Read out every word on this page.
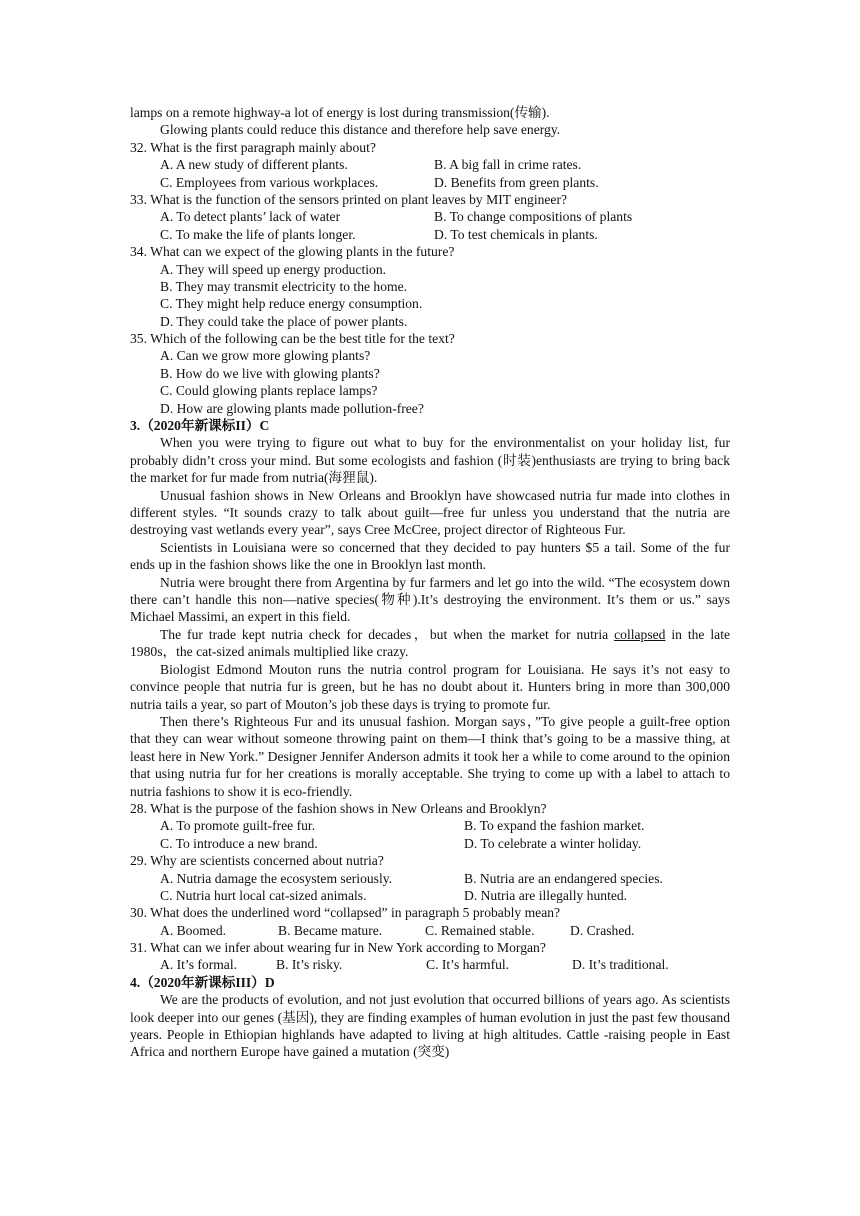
lamps on a remote highway-a lot of energy is lost during transmission(传输).
Glowing plants could reduce this distance and therefore help save energy.
32. What is the first paragraph mainly about?
A. A new study of different plants.	B. A big fall in crime rates.
C. Employees from various workplaces.	D. Benefits from green plants.
33. What is the function of the sensors printed on plant leaves by MIT engineer?
A. To detect plants’ lack of water	B. To change compositions of plants
C. To make the life of plants longer.	D. To test chemicals in plants.
34. What can we expect of the glowing plants in the future?
A. They will speed up energy production.
B. They may transmit electricity to the home.
C. They might help reduce energy consumption.
D. They could take the place of power plants.
35. Which of the following can be the best title for the text?
A. Can we grow more glowing plants?
B. How do we live with glowing plants?
C. Could glowing plants replace lamps?
D. How are glowing plants made pollution-free?
3.（2020年新课标II）C

When you were trying to figure out what to buy for the environmentalist on your holiday list, fur probably didn’t cross your mind. But some ecologists and fashion (时装)enthusiasts are trying to bring back the market for fur made from nutria(海狸鼠).

Unusual fashion shows in New Orleans and Brooklyn have showcased nutria fur made into clothes in different styles. “It sounds crazy to talk about guilt—free fur unless you understand that the nutria are destroying vast wetlands every year”, says Cree McCree, project director of Righteous Fur.

Scientists in Louisiana were so concerned that they decided to pay hunters $5 a tail. Some of the fur ends up in the fashion shows like the one in Brooklyn last month.

Nutria were brought there from Argentina by fur farmers and let go into the wild. “The ecosystem down there can’t handle this non—native species(物种).It’s destroying the environment. It’s them or us.” says Michael Massimi, an expert in this field.

The fur trade kept nutria check for decades，but when the market for nutria collapsed in the late 1980s，the cat-sized animals multiplied like crazy.

Biologist Edmond Mouton runs the nutria control program for Louisiana. He says it’s not easy to convince people that nutria fur is green, but he has no doubt about it. Hunters bring in more than 300,000 nutria tails a year, so part of Mouton’s job these days is trying to promote fur.

Then there’s Righteous Fur and its unusual fashion. Morgan says，”To give people a guilt-free option that they can wear without someone throwing paint on them—I think that’s going to be a massive thing, at least here in New York.” Designer Jennifer Anderson admits it took her a while to come around to the opinion that using nutria fur for her creations is morally acceptable. She trying to come up with a label to attach to nutria fashions to show it is eco-friendly.

28. What is the purpose of the fashion shows in New Orleans and Brooklyn?
A. To promote guilt-free fur.	B. To expand the fashion market.
C. To introduce a new brand.	D. To celebrate a winter holiday.
29. Why are scientists concerned about nutria?
A. Nutria damage the ecosystem seriously.	B. Nutria are an endangered species.
C. Nutria hurt local cat-sized animals.	D. Nutria are illegally hunted.
30. What does the underlined word “collapsed” in paragraph 5 probably mean?
A. Boomed.	B. Became mature.	C. Remained stable.	D. Crashed.
31. What can we infer about wearing fur in New York according to Morgan?
A. It’s formal.	B. It’s risky.	C. It’s harmful.	D. It’s traditional.
4.（2020年新课标III）D

We are the products of evolution, and not just evolution that occurred billions of years ago. As scientists look deeper into our genes (基因), they are finding examples of human evolution in just the past few thousand years. People in Ethiopian highlands have adapted to living at high altitudes. Cattle -raising people in East Africa and northern Europe have gained a mutation (突变)
